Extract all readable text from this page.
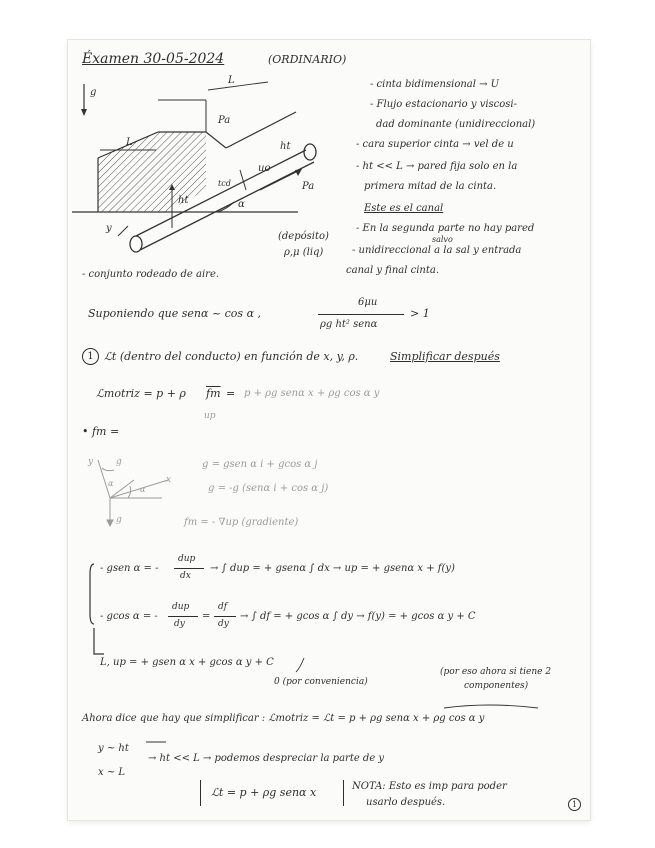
Éxamen 30-05-2024	(ORDINARIO)
g
L
L
Pa
Pa
ht
tcd
uo
ht
α
y
(depósito)
ρ,μ (liq)
- cinta bidimensional → U
- Flujo estacionario y viscosi-
dad dominante (unidireccional)
- cara superior cinta → vel de u
- ht << L → pared fija solo en la
primera mitad de la cinta.
Este es el canal
- En la segunda parte no hay pared
salvo
- unidireccional a la sal y entrada
canal y final cinta.
- conjunto rodeado de aire.
Suponiendo que senα ~ cos α ,
6μu
ρg ht² senα
> 1
1 ℒt (dentro del conducto) en función de x, y, ρ.	Simplificar después
ℒmotriz = p + ρ $\overline{fm} = p + \rho g$ senα x + ρg cos α y
up
• fm =
y	g
x
α
α
g
g = gsen α i + gcos α j
g = -g (senα i + cos α j)
fm = - ∇up (gradiente)
- gsen α = -
dup
dx
→ ∫ dup = + gsenα ∫ dx → up = + gsenα x + f(y)
- gcos α = -
dup
dy
=
df
dy
→ ∫ df = + gcos α ∫ dy → f(y) = + gcos α y + C
L, up = + gsen α x + gcos α y + C
0 (por conveniencia)
(por eso ahora si tiene 2
componentes)
Ahora dice que hay que simplificar : ℒmotriz = ℒt = p + ρg senα x + ρg cos α y
y ~ ht
x ~ L
→ ht << L → podemos despreciar la parte de y
ℒt = p + ρg senα x	NOTA: Esto es imp para poder
usarlo después.	1
